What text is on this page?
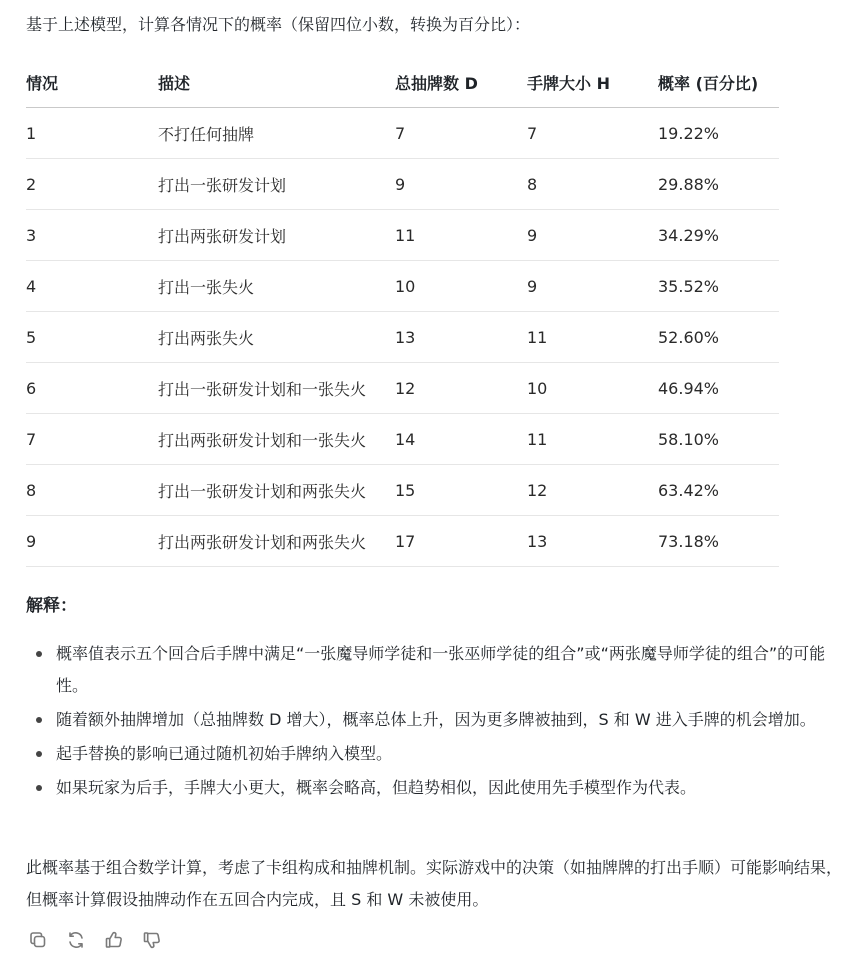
基于上述模型，计算各情况下的概率（保留四位小数，转换为百分比）：
情况	描述	总抽牌数 D	手牌大小 H	概率 (百分比)
1	不打任何抽牌	7	7	19.22%
2	打出一张研发计划	9	8	29.88%
3	打出两张研发计划	11	9	34.29%
4	打出一张失火	10	9	35.52%
5	打出两张失火	13	11	52.60%
6	打出一张研发计划和一张失火	12	10	46.94%
7	打出两张研发计划和一张失火	14	11	58.10%
8	打出一张研发计划和两张失火	15	12	63.42%
9	打出两张研发计划和两张失火	17	13	73.18%
解释：
概率值表示五个回合后手牌中满足“一张魔导师学徒和一张巫师学徒的组合”或“两张魔导师学徒的组合”的可能性。
随着额外抽牌增加（总抽牌数 D 增大），概率总体上升，因为更多牌被抽到，S 和 W 进入手牌的机会增加。
起手替换的影响已通过随机初始手牌纳入模型。
如果玩家为后手，手牌大小更大，概率会略高，但趋势相似，因此使用先手模型作为代表。
此概率基于组合数学计算，考虑了卡组构成和抽牌机制。实际游戏中的决策（如抽牌牌的打出手顺）可能影响结果，但概率计算假设抽牌动作在五回合内完成，且 S 和 W 未被使用。
